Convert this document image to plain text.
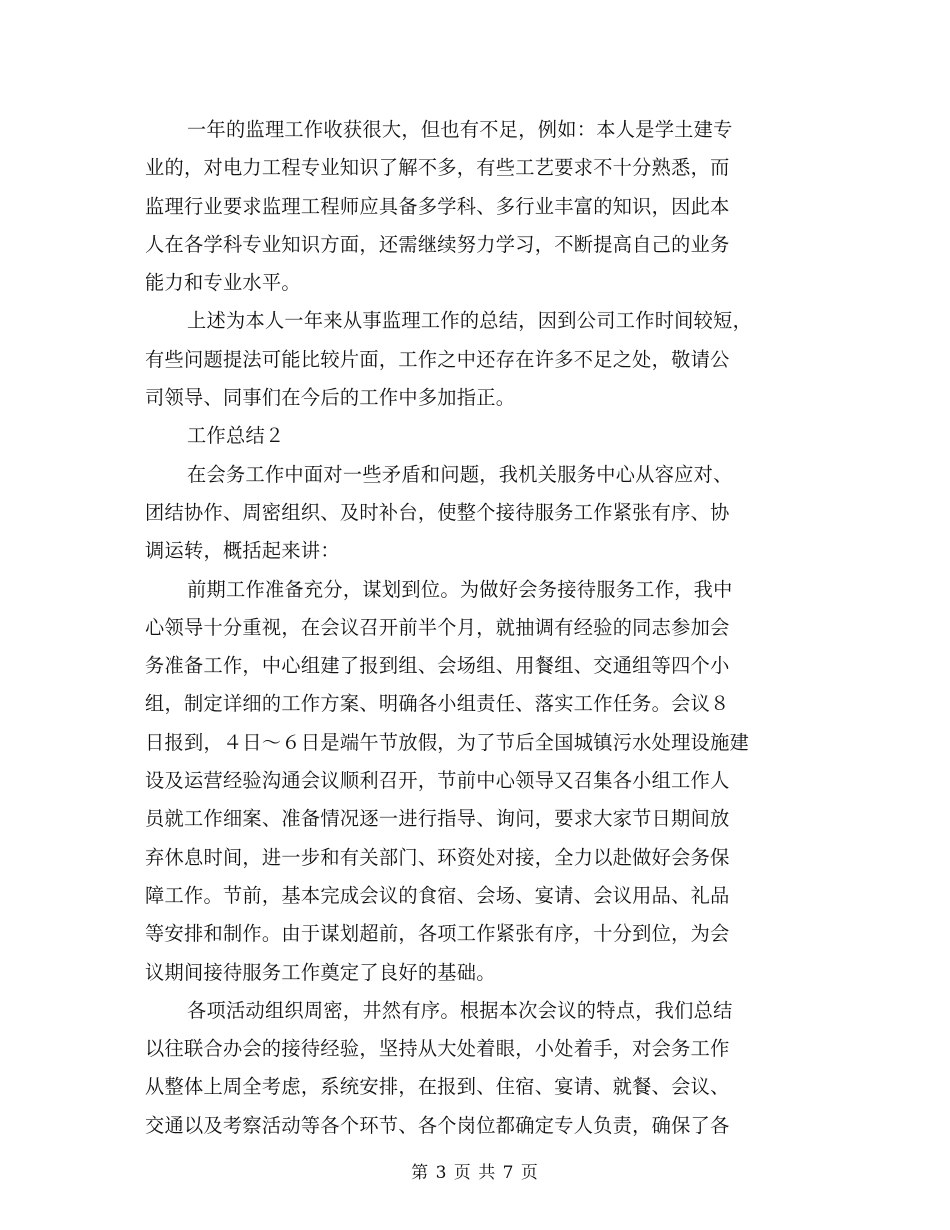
一年的监理工作收获很大，但也有不足，例如：本人是学土建专
业的，对电力工程专业知识了解不多，有些工艺要求不十分熟悉，而
监理行业要求监理工程师应具备多学科、多行业丰富的知识，因此本
人在各学科专业知识方面，还需继续努力学习，不断提高自己的业务
能力和专业水平。
上述为本人一年来从事监理工作的总结，因到公司工作时间较短，
有些问题提法可能比较片面，工作之中还存在许多不足之处，敬请公
司领导、同事们在今后的工作中多加指正。
工作总结２
在会务工作中面对一些矛盾和问题，我机关服务中心从容应对、
团结协作、周密组织、及时补台，使整个接待服务工作紧张有序、协
调运转，概括起来讲：
前期工作准备充分，谋划到位。为做好会务接待服务工作，我中
心领导十分重视，在会议召开前半个月，就抽调有经验的同志参加会
务准备工作，中心组建了报到组、会场组、用餐组、交通组等四个小
组，制定详细的工作方案、明确各小组责任、落实工作任务。会议８
日报到，４日～６日是端午节放假，为了节后全国城镇污水处理设施建
设及运营经验沟通会议顺利召开，节前中心领导又召集各小组工作人
员就工作细案、准备情况逐一进行指导、询问，要求大家节日期间放
弃休息时间，进一步和有关部门、环资处对接，全力以赴做好会务保
障工作。节前，基本完成会议的食宿、会场、宴请、会议用品、礼品
等安排和制作。由于谋划超前，各项工作紧张有序，十分到位，为会
议期间接待服务工作奠定了良好的基础。
各项活动组织周密，井然有序。根据本次会议的特点，我们总结
以往联合办会的接待经验，坚持从大处着眼，小处着手，对会务工作
从整体上周全考虑，系统安排，在报到、住宿、宴请、就餐、会议、
交通以及考察活动等各个环节、各个岗位都确定专人负责，确保了各
第 3 页 共 7 页
